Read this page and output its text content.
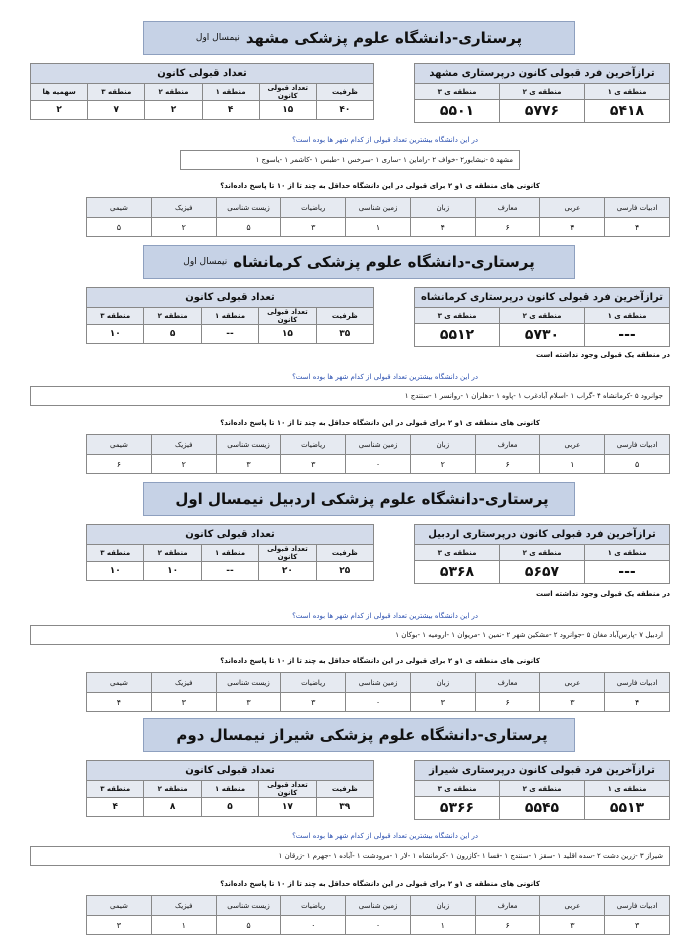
پرستاری-دانشگاه علوم پزشکی مشهد
نیمسال اول
ترازآخرین فرد قبولی کانون درپرستاری مشهد		
منطقه ی ۱	منطقه ی ۲	منطقه ی ۳
۵۴۱۸	۵۷۷۶	۵۵۰۱
تعداد قبولی کانون					
ظرفیت	تعداد قبولی کانون	منطقه ۱	منطقه ۲	منطقه ۳	سهمیه ها
۴۰	۱۵	۴	۲	۷	۲
در این دانشگاه بیشترین تعداد قبولی از کدام شهر ها بوده است؟
مشهد ۵ -نیشابور۲ -خواف ۲ -راماین ۱ -ساری ۱ -سرخس ۱ -طبس ۱ -کاشمر ۱ -یاسوج ۱
کانونی های منطقه ی ۱و ۲ برای قبولی در این دانشگاه حداقل به چند تا از ۱۰ تا پاسخ داده‌اند؟
ادبیات فارسی	عربی	معارف	زبان	زمین شناسی	ریاضیات	زیست شناسی	فیزیک	شیمی
۴	۴	۶	۴	۱	۳	۵	۲	۵
پرستاری-دانشگاه علوم پزشکی کرمانشاه
نیمسال اول
ترازآخرین فرد قبولی کانون درپرستاری کرمانشاه		
منطقه ی ۱	منطقه ی ۲	منطقه ی ۳
---	۵۷۳۰	۵۵۱۲
تعداد قبولی کانون				
ظرفیت	تعداد قبولی کانون	منطقه ۱	منطقه ۲	منطقه ۳
۳۵	۱۵	--	۵	۱۰
در منطقه یک قبولی وجود نداشته است
در این دانشگاه بیشترین تعداد قبولی از کدام شهر ها بوده است؟
جوانرود ۵ -کرمانشاه ۴ -گراب ۱ -اسلام آبادغرب ۱ -پاوه ۱ -دهلران ۱ -روانسر ۱ -سنندج ۱
کانونی های منطقه ی ۱و ۲ برای قبولی در این دانشگاه حداقل به چند تا از ۱۰ تا پاسخ داده‌اند؟
ادبیات فارسی	عربی	معارف	زبان	زمین شناسی	ریاضیات	زیست شناسی	فیزیک	شیمی
۵	۱	۶	۲	۰	۳	۳	۲	۶
پرستاری-دانشگاه علوم پزشکی اردبیل نیمسال اول
ترازآخرین فرد قبولی کانون درپرستاری اردبیل		
منطقه ی ۱	منطقه ی ۲	منطقه ی ۳
---	۵۶۵۷	۵۳۶۸
تعداد قبولی کانون				
ظرفیت	تعداد قبولی کانون	منطقه ۱	منطقه ۲	منطقه ۳
۲۵	۲۰	--	۱۰	۱۰
در منطقه یک قبولی وجود نداشته است
در این دانشگاه بیشترین تعداد قبولی از کدام شهر ها بوده است؟
اردبیل ۷ -پارس‌آباد مغان ۵ -جوانرود ۲ -مشکین شهر ۲ -نمین ۱ -مریوان ۱ -ارومیه ۱ -بوکان ۱
کانونی های منطقه ی ۱و ۲ برای قبولی در این دانشگاه حداقل به چند تا از ۱۰ تا پاسخ داده‌اند؟
ادبیات فارسی	عربی	معارف	زبان	زمین شناسی	ریاضیات	زیست شناسی	فیزیک	شیمی
۴	۳	۶	۳	۰	۳	۳	۳	۴
پرستاری-دانشگاه علوم پزشکی شیراز نیمسال دوم
ترازآخرین فرد قبولی کانون درپرستاری شیراز		
منطقه ی ۱	منطقه ی ۲	منطقه ی ۳
۵۵۱۳	۵۵۴۵	۵۳۶۶
تعداد قبولی کانون				
ظرفیت	تعداد قبولی کانون	منطقه ۱	منطقه ۲	منطقه ۳
۳۹	۱۷	۵	۸	۴
در این دانشگاه بیشترین تعداد قبولی از کدام شهر ها بوده است؟
شیراز ۳ -زرین دشت ۲ -سده اقلید ۱ -سقز ۱ -سنندج ۱ -فسا ۱ -کازرون ۱ -کرمانشاه ۱ -لار ۱ -مرودشت ۱ -آباده ۱ -جهرم ۱ -زرقان ۱
کانونی های منطقه ی ۱و ۲ برای قبولی در این دانشگاه حداقل به چند تا از ۱۰ تا پاسخ داده‌اند؟
ادبیات فارسی	عربی	معارف	زبان	زمین شناسی	ریاضیات	زیست شناسی	فیزیک	شیمی
۳	۳	۶	۱	۰	۰	۵	۱	۳
